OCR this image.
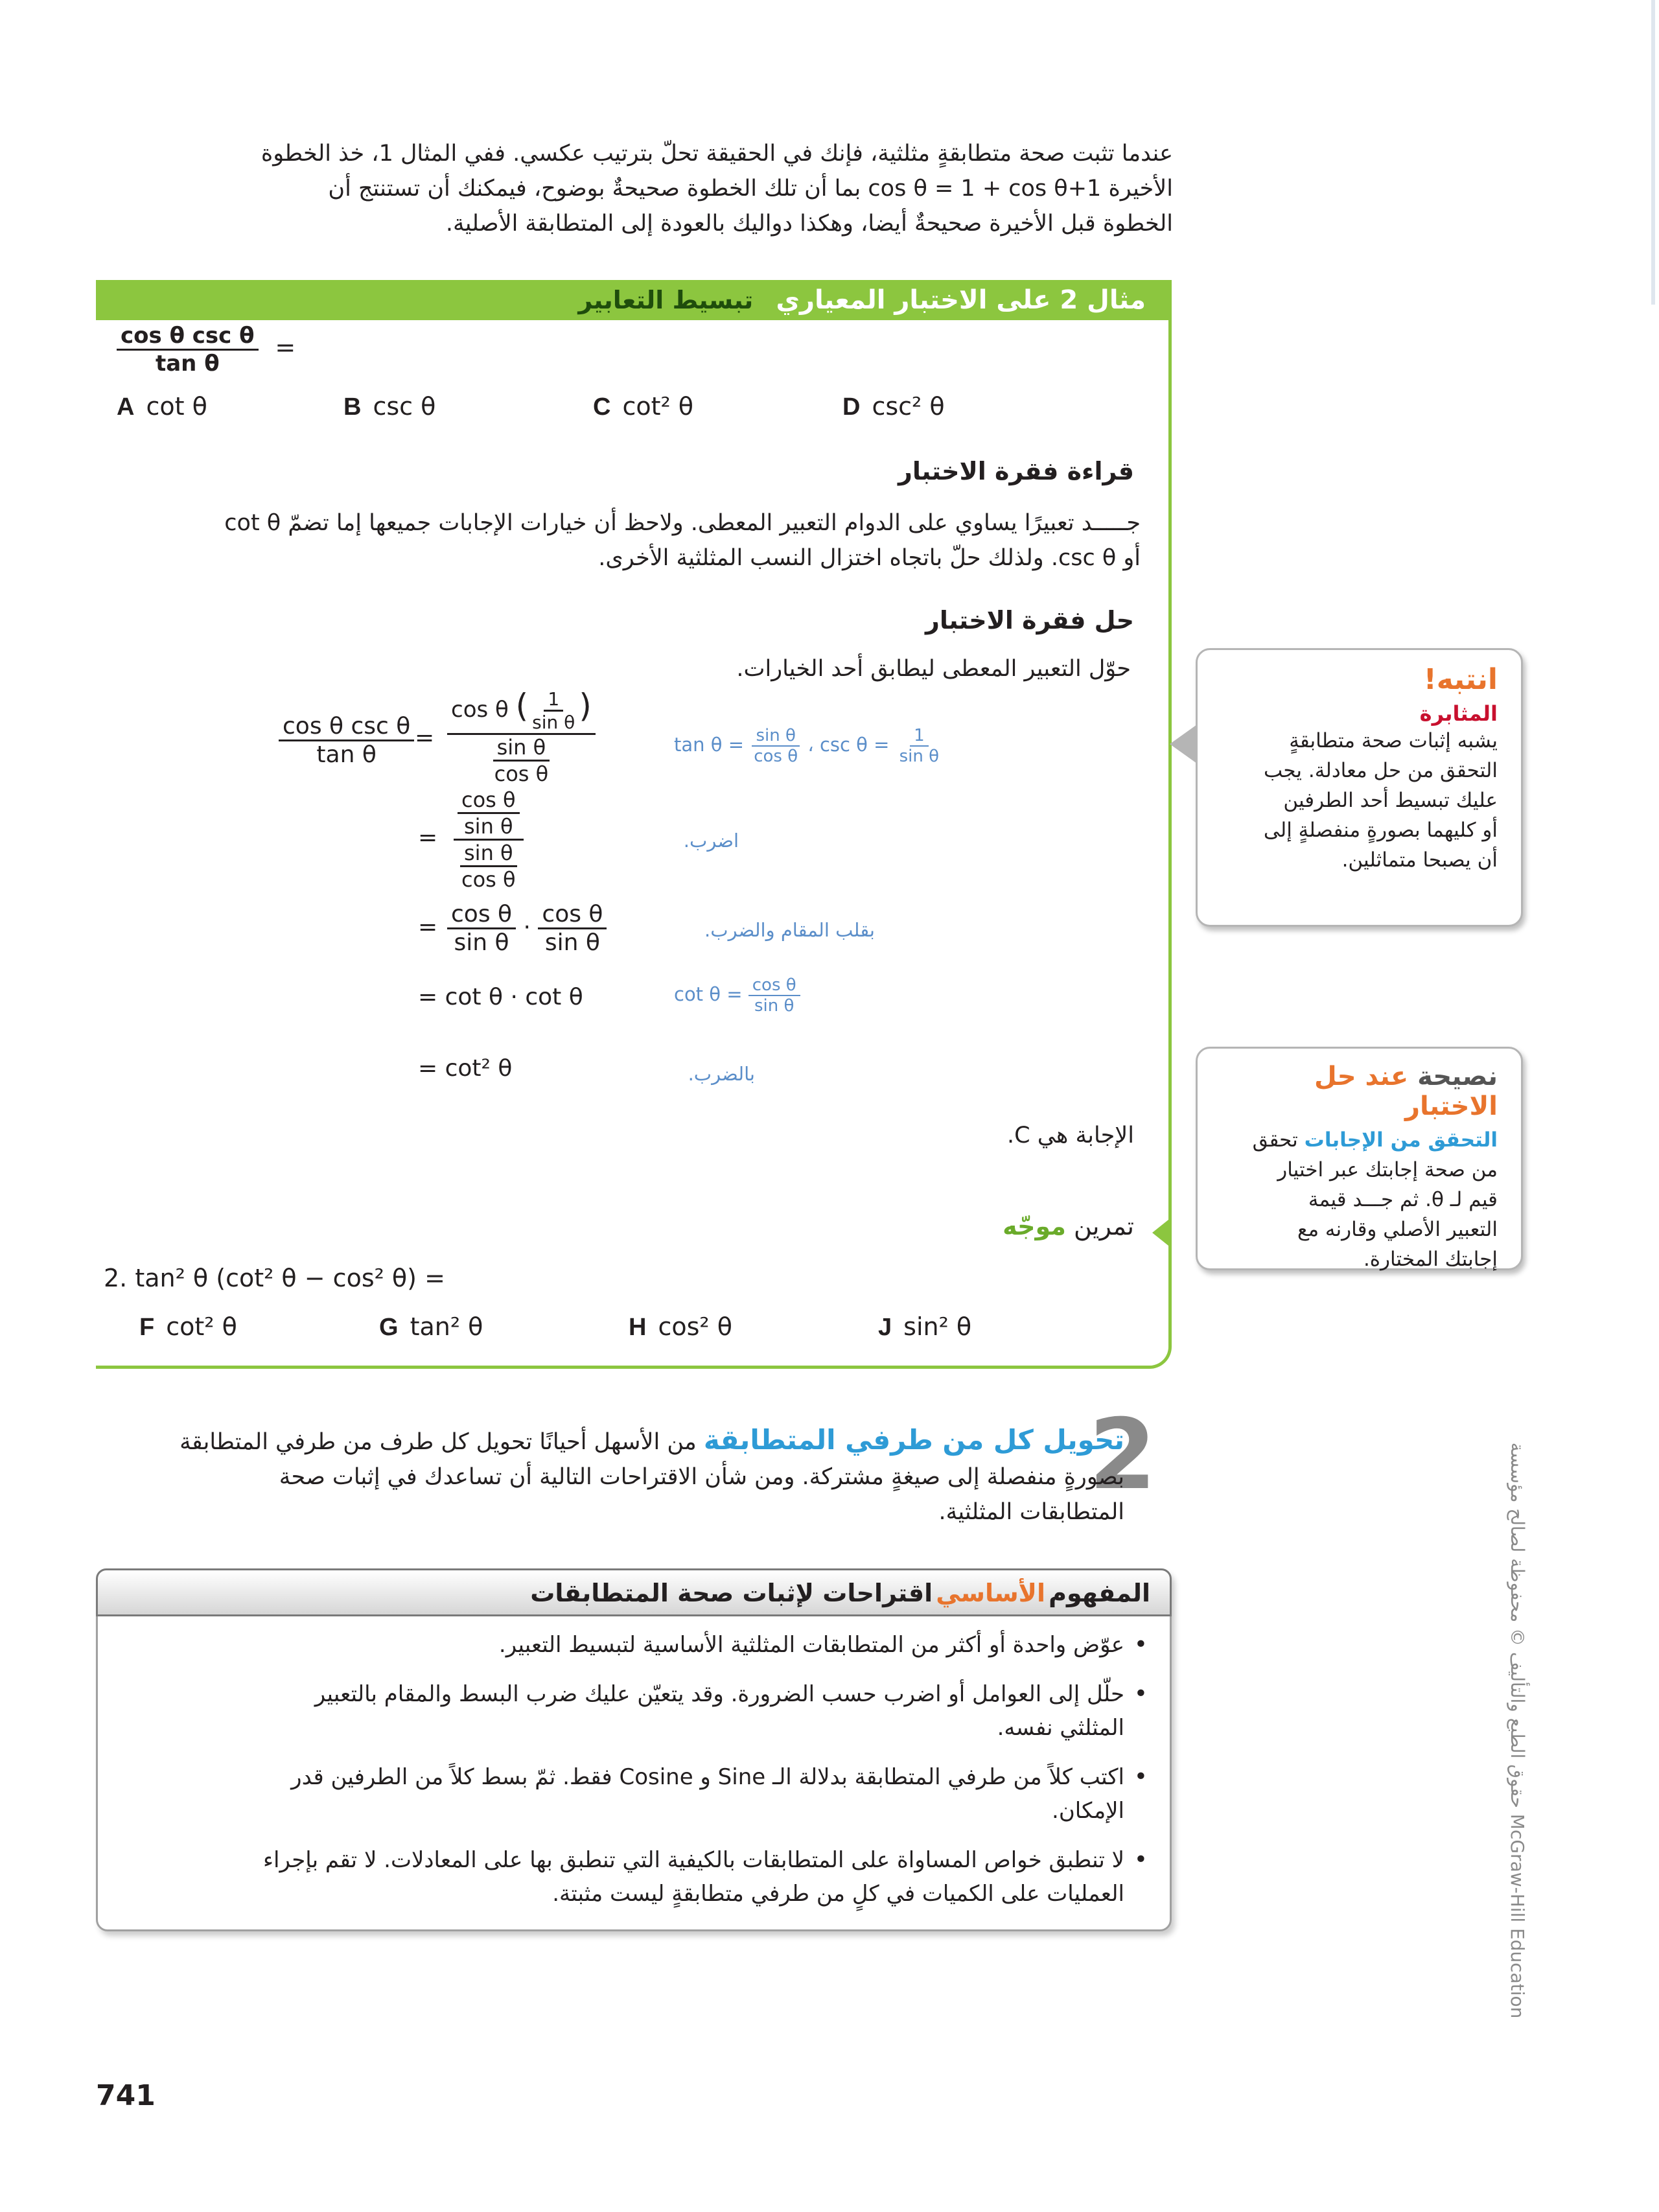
عندما تثبت صحة متطابقةٍ مثلثية، فإنك في الحقيقة تحلّ بترتيب عكسي. ففي المثال 1، خذ الخطوة
الأخيرة 1+cos θ = 1 + cos θ بما أن تلك الخطوة صحيحةٌ بوضوح، فيمكنك أن تستنتج أن
الخطوة قبل الأخيرة صحيحةٌ أيضا، وهكذا دواليك بالعودة إلى المتطابقة الأصلية.
مثال 2 على الاختبار المعياري تبسيط التعابير
$\frac{\text{cos θ csc θ}}{\text{tan θ}}$ =
A cot θ	B csc θ	C cot² θ	D csc² θ
قراءة فقرة الاختبار
جـــــد تعبيرًا يساوي على الدوام التعبير المعطى. ولاحظ أن خيارات الإجابات جميعها إما تضمّ cot θ
أو csc θ. ولذلك حلّ باتجاه اختزال النسب المثلثية الأخرى.
حل فقرة الاختبار
حوّل التعبير المعطى ليطابق أحد الخيارات.
$\frac{\text{cos θ csc θ}}{\text{tan θ}} = \frac{\cos \theta ( \frac{1}{\text{sin θ}} )}{\frac{\text{sin θ}}{\text{cos θ}}}$
= $\frac{\frac{\text{cos θ}}{\text{sin θ}}}{\frac{\text{sin θ}}{\text{cos θ}}}$
= $\frac{\text{cos θ}}{\text{sin θ}} \cdot \frac{\text{cos θ}}{\text{sin θ}}$
= cot θ · cot θ
= cot² θ
$\tan \theta = \frac{\text{sin θ}}{\text{cos θ}}$ ، $\csc \theta = \frac{1}{\text{sin θ}}$
اضرب.
بقلب المقام والضرب.
$\cot \theta = \frac{\text{cos θ}}{\text{sin θ}}$
بالضرب.
الإجابة هي C.
تمرين موجّه
2. tan² θ (cot² θ − cos² θ) =
F cot² θ	G tan² θ	H cos² θ	J sin² θ
انتبه!
المثابرة
يشبه إثبات صحة متطابقةٍ
التحقق من حل معادلة. يجب
عليك تبسيط أحد الطرفين
أو كليهما بصورةٍ منفصلةٍ إلى
أن يصبحا متماثلين.
نصيحة عند حل الاختبار
التحقق من الإجابات تحقق
من صحة إجابتك عبر اختيار
قيم لـ θ. ثم جـــد قيمة
التعبير الأصلي وقارنه مع
إجابتك المختارة.
2
تحويل كل من طرفي المتطابقة من الأسهل أحيانًا تحويل كل طرف من طرفي المتطابقة
بصورةٍ منفصلة إلى صيغةٍ مشتركة. ومن شأن الاقتراحات التالية أن تساعدك في إثبات صحة
المتطابقات المثلثية.
المفهوم الأساسي اقتراحات لإثبات صحة المتطابقات
• عوّض واحدة أو أكثر من المتطابقات المثلثية الأساسية لتبسيط التعبير.
• حلّل إلى العوامل أو اضرب حسب الضرورة. وقد يتعيّن عليك ضرب البسط والمقام بالتعبير
المثلثي نفسه.
• اكتب كلاً من طرفي المتطابقة بدلالة الـ Sine و Cosine فقط. ثمّ بسط كلاً من الطرفين قدر
الإمكان.
• لا تنطبق خواص المساواة على المتطابقات بالكيفية التي تنطبق بها على المعادلات. لا تقم بإجراء
العمليات على الكميات في كلٍ من طرفي متطابقةٍ ليست مثبتة.
741
حقوق الطبع والتأليف © محفوظة لصالح مؤسسة McGraw-Hill Education
